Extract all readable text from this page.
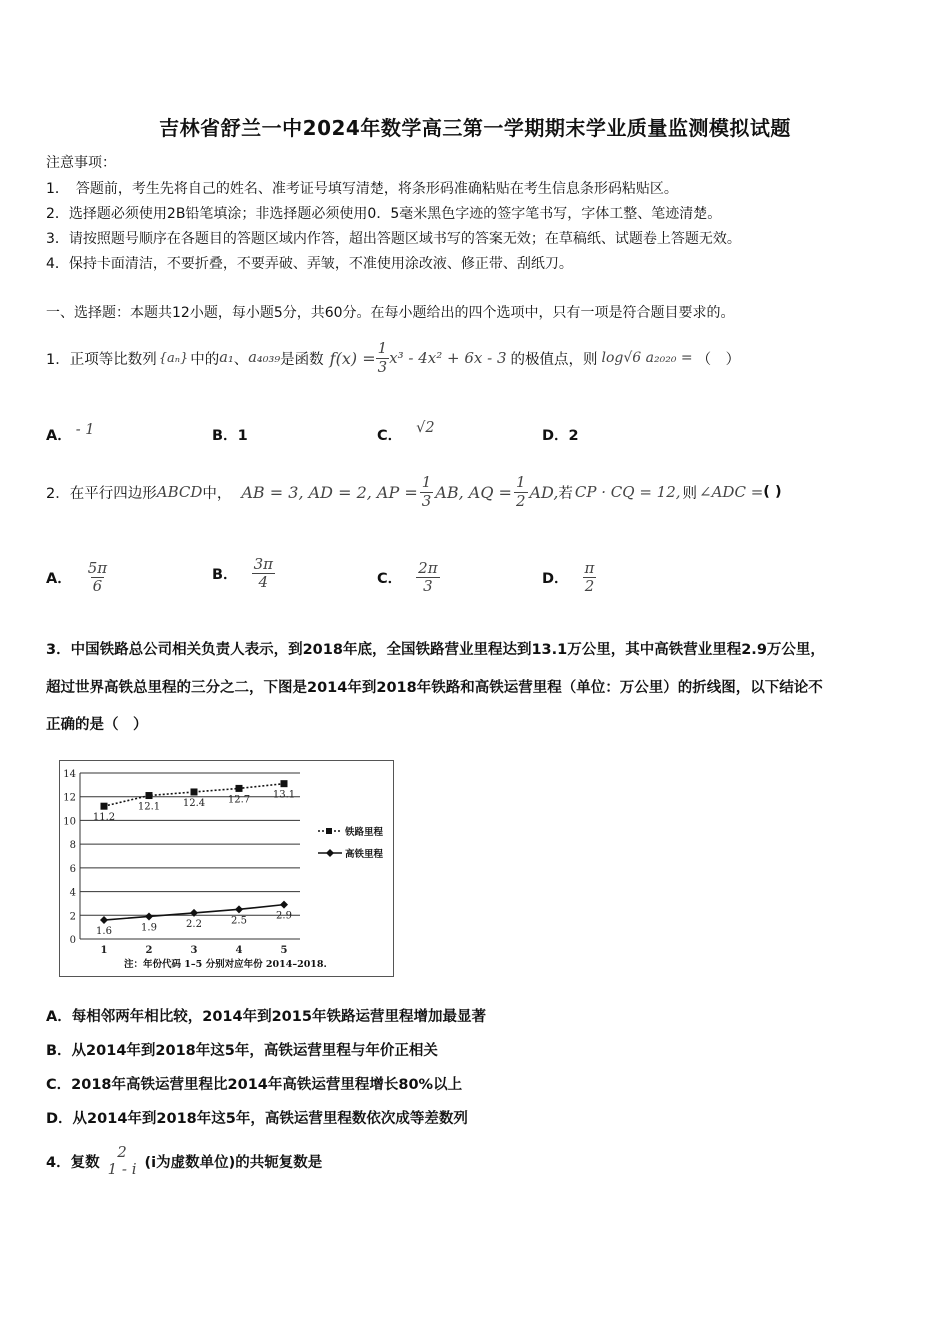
吉林省舒兰一中2024年数学高三第一学期期末学业质量监测模拟试题
注意事项：
1．　答题前，考生先将自己的姓名、准考证号填写清楚，将条形码准确粘贴在考生信息条形码粘贴区。
2．选择题必须使用2B铅笔填涂；非选择题必须使用0．5毫米黑色字迹的签字笔书写，字体工整、笔迹清楚。
3．请按照题号顺序在各题目的答题区域内作答，超出答题区域书写的答案无效；在草稿纸、试题卷上答题无效。
4．保持卡面清洁，不要折叠，不要弄破、弄皱，不准使用涂改液、修正带、刮纸刀。
一、选择题：本题共12小题，每小题5分，共60分。在每小题给出的四个选项中，只有一项是符合题目要求的。
1．正项等比数列 {aₙ} 中的 a₁ 、 a₄₀₃₉ 是函数 $f(x) = \frac{1}{3} x^3 - 4x^2 + 6x - 3$ 的极值点，则 log√6 a₂₀₂₀ = （　）
A． - 1	B．1	C． √2	D．2
2．在平行四边形 ABCD 中， AB = 3, AD = 2, AP = $\frac{1}{3}$ AB, AQ = $\frac{1}{2}$ AD, 若 CP · CQ = 12, 则 ∠ADC = ( )
A． $\frac{5\pi}{6}$	B． $\frac{3\pi}{4}$	C． $\frac{2\pi}{3}$	D． $\frac{\pi}{2}$
3．中国铁路总公司相关负责人表示，到2018年底，全国铁路营业里程达到13.1万公里，其中高铁营业里程2.9万公里，
超过世界高铁总里程的三分之二，下图是2014年到2018年铁路和高铁运营里程（单位：万公里）的折线图，以下结论不
正确的是（　）
0
2
4
6
8
10
12
14
1	2	3	4	5
11.2
12.1 12.4 12.7 13.1
1.6	1.9	2.2	2.5	2.9
铁路里程
高铁里程
注：年份代码 1–5 分别对应年份 2014–2018.
A．每相邻两年相比较，2014年到2015年铁路运营里程增加最显著
B．从2014年到2018年这5年，高铁运营里程与年价正相关
C．2018年高铁运营里程比2014年高铁运营里程增长80%以上
D．从2014年到2018年这5年，高铁运营里程数依次成等差数列
4．复数
2
1 - i (i为虚数单位)的共轭复数是
